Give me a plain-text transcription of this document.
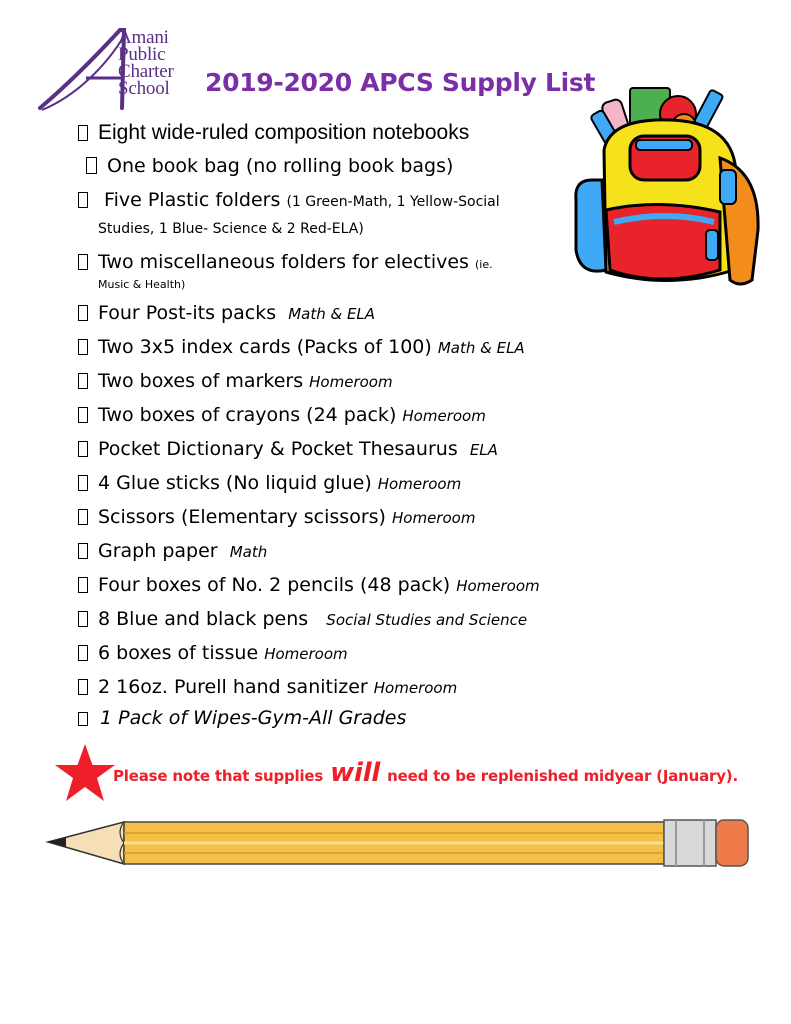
Amani
Public
Charter
School 2019-2020 APCS Supply List
Eight wide-ruled composition notebooks
One book bag (no rolling book bags)
Five Plastic folders (1 Green-Math, 1 Yellow-Social
Studies, 1 Blue- Science & 2 Red-ELA)
Two miscellaneous folders for electives (ie.
Music & Health)
Four Post-its packs Math & ELA
Two 3x5 index cards (Packs of 100) Math & ELA
Two boxes of markers Homeroom
Two boxes of crayons (24 pack) Homeroom
Pocket Dictionary & Pocket Thesaurus ELA
4 Glue sticks (No liquid glue) Homeroom
Scissors (Elementary scissors) Homeroom
Graph paper Math
Four boxes of No. 2 pencils (48 pack) Homeroom
8 Blue and black pens Social Studies and Science
6 boxes of tissue Homeroom
2 16oz. Purell hand sanitizer Homeroom
1 Pack of Wipes-Gym-All Grades
Please note that supplies will need to be replenished midyear (January).
